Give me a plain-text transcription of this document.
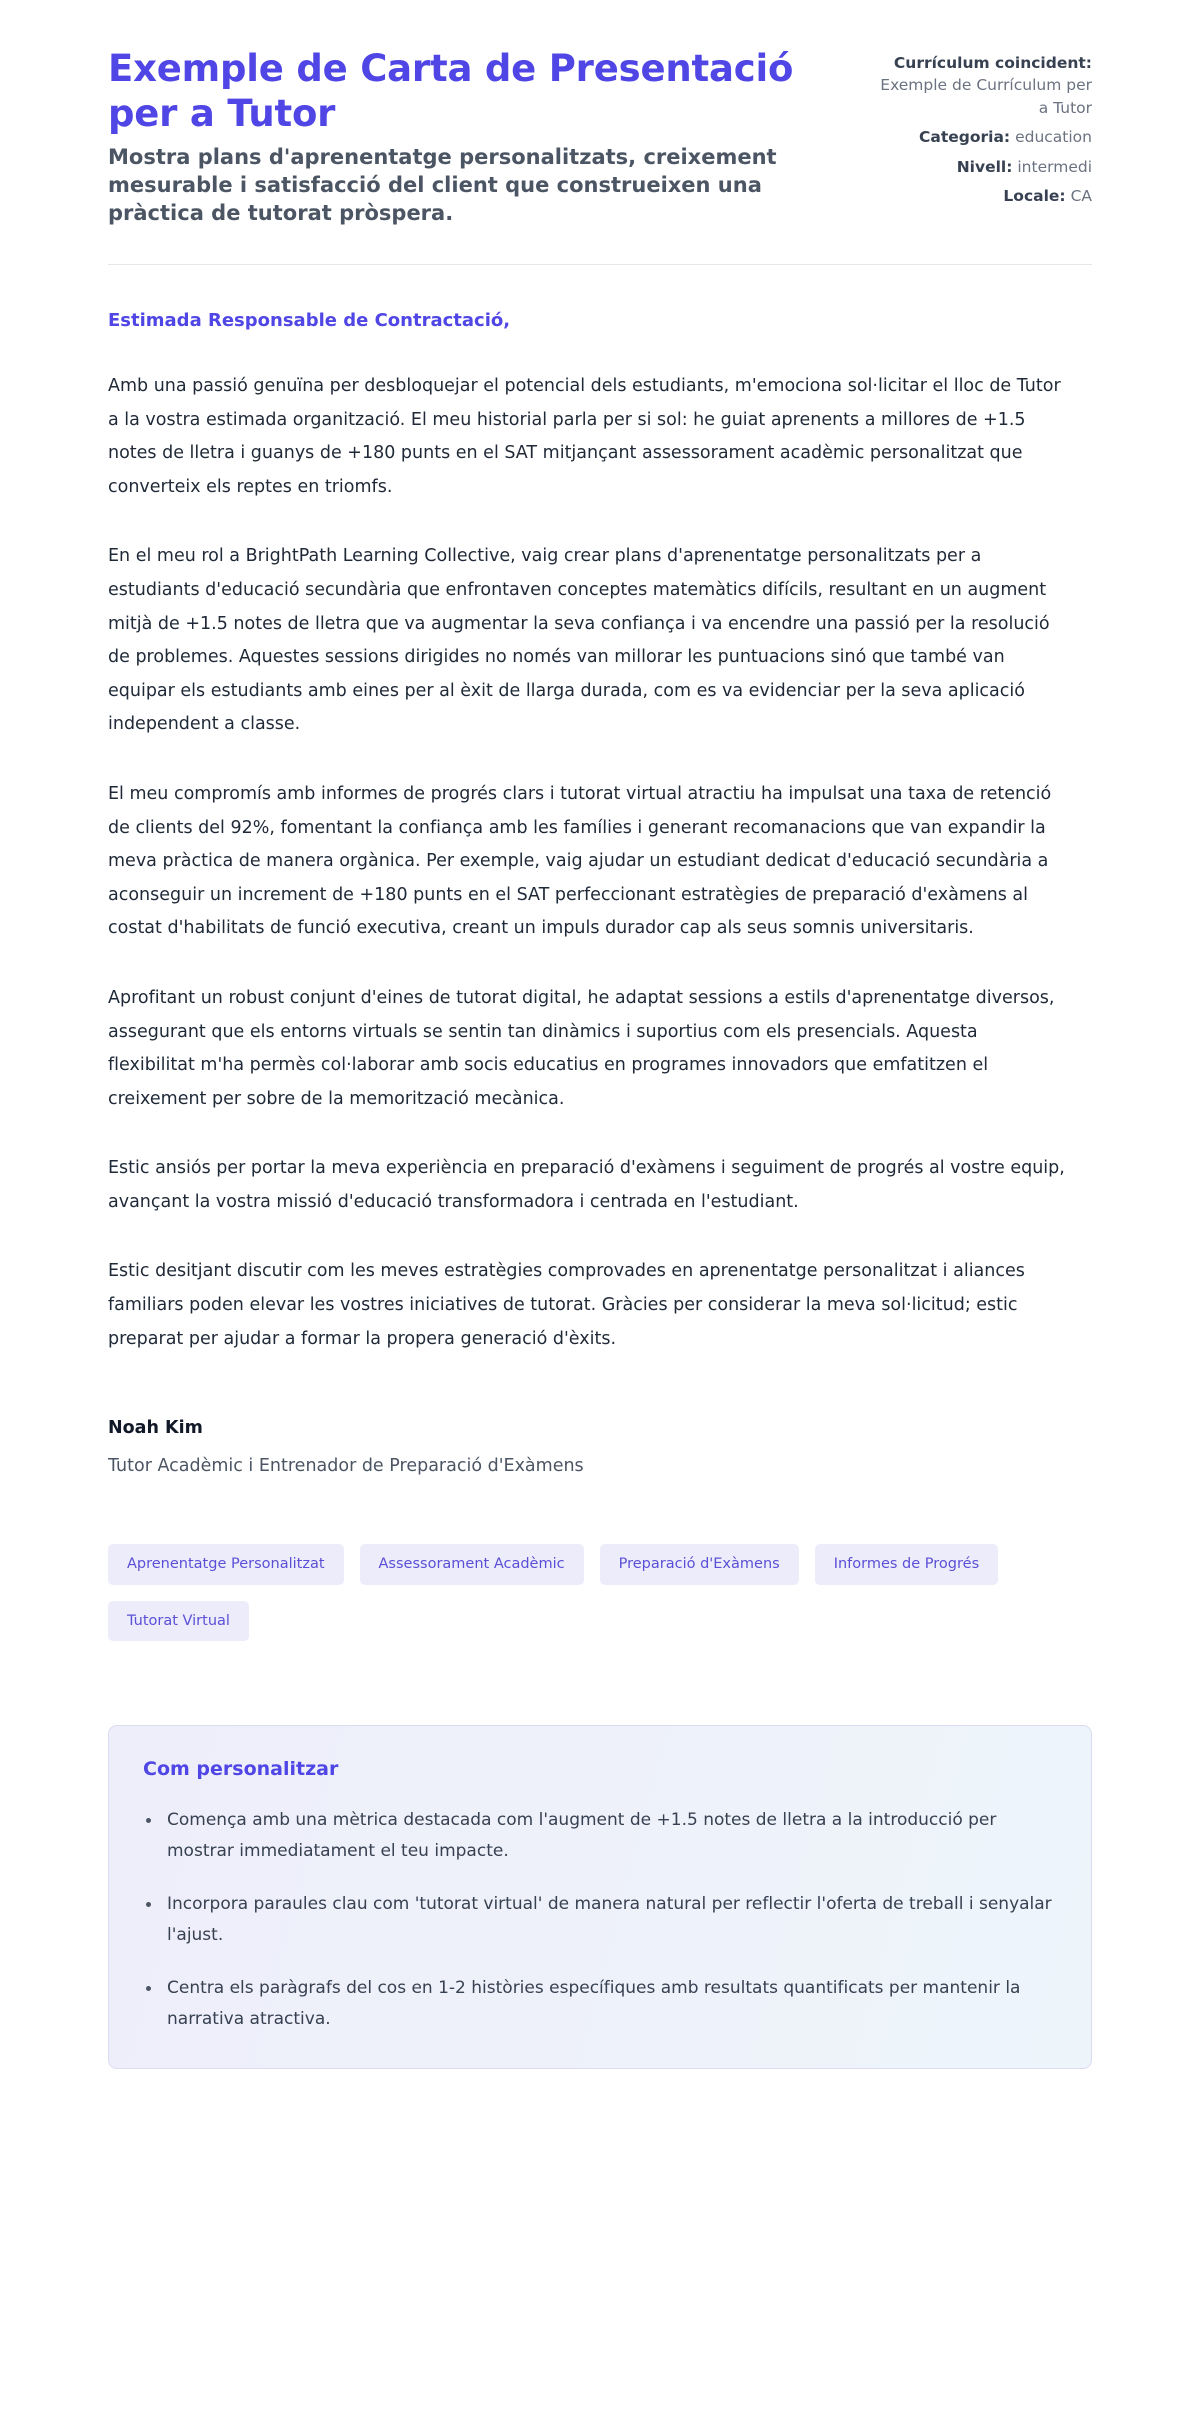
Exemple de Carta de Presentació per a Tutor

Mostra plans d'aprenentatge personalitzats, creixement mesurable i satisfacció del client que construeixen una pràctica de tutorat pròspera.

Currículum coincident: Exemple de Currículum per a Tutor
Categoria: education
Nivell: intermedi
Locale: CA

Estimada Responsable de Contractació,

Amb una passió genuïna per desbloquejar el potencial dels estudiants, m'emociona sol·licitar el lloc de Tutor a la vostra estimada organització. El meu historial parla per si sol: he guiat aprenents a millores de +1.5 notes de lletra i guanys de +180 punts en el SAT mitjançant assessorament acadèmic personalitzat que converteix els reptes en triomfs.

En el meu rol a BrightPath Learning Collective, vaig crear plans d'aprenentatge personalitzats per a estudiants d'educació secundària que enfrontaven conceptes matemàtics difícils, resultant en un augment mitjà de +1.5 notes de lletra que va augmentar la seva confiança i va encendre una passió per la resolució de problemes. Aquestes sessions dirigides no només van millorar les puntuacions sinó que també van equipar els estudiants amb eines per al èxit de llarga durada, com es va evidenciar per la seva aplicació independent a classe.

El meu compromís amb informes de progrés clars i tutorat virtual atractiu ha impulsat una taxa de retenció de clients del 92%, fomentant la confiança amb les famílies i generant recomanacions que van expandir la meva pràctica de manera orgànica. Per exemple, vaig ajudar un estudiant dedicat d'educació secundària a aconseguir un increment de +180 punts en el SAT perfeccionant estratègies de preparació d'exàmens al costat d'habilitats de funció executiva, creant un impuls durador cap als seus somnis universitaris.

Aprofitant un robust conjunt d'eines de tutorat digital, he adaptat sessions a estils d'aprenentatge diversos, assegurant que els entorns virtuals se sentin tan dinàmics i suportius com els presencials. Aquesta flexibilitat m'ha permès col·laborar amb socis educatius en programes innovadors que emfatitzen el creixement per sobre de la memorització mecànica.

Estic ansiós per portar la meva experiència en preparació d'exàmens i seguiment de progrés al vostre equip, avançant la vostra missió d'educació transformadora i centrada en l'estudiant.

Estic desitjant discutir com les meves estratègies comprovades en aprenentatge personalitzat i aliances familiars poden elevar les vostres iniciatives de tutorat. Gràcies per considerar la meva sol·licitud; estic preparat per ajudar a formar la propera generació d'èxits.

Noah Kim

Tutor Acadèmic i Entrenador de Preparació d'Exàmens

Aprenentatge Personalitzat	Assessorament Acadèmic	Preparació d'Exàmens	Informes de Progrés
Tutorat Virtual
Com personalitzar
Comença amb una mètrica destacada com l'augment de +1.5 notes de lletra a la introducció per mostrar immediatament el teu impacte.
Incorpora paraules clau com 'tutorat virtual' de manera natural per reflectir l'oferta de treball i senyalar l'ajust.
Centra els paràgrafs del cos en 1-2 històries específiques amb resultats quantificats per mantenir la narrativa atractiva.
